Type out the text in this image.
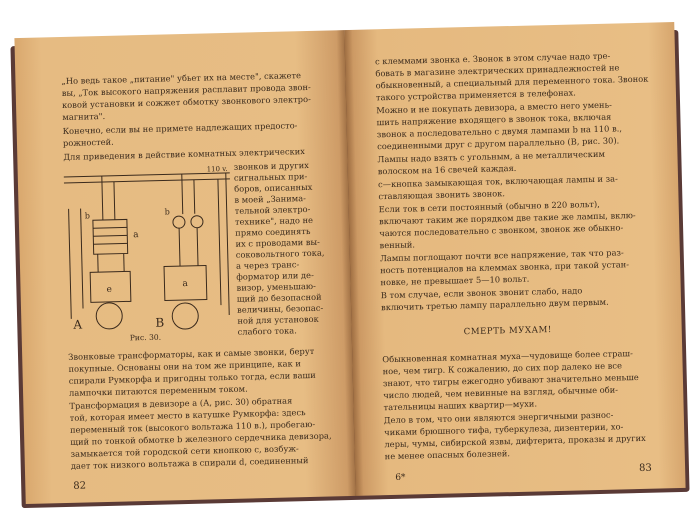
„Но ведь такое „питание" убьет их на месте", скажете
вы, „Ток высокого напряжения расплавит провода звон-
ковой установки и сожжет обмотку звонкового электро-
магнита".
Конечно, если вы не примете надлежащих предосто-
рожностей.
Для приведения в действие комнатных электрических
110 v.
b
a
e
A
a
b
B
звонков и других
сигнальных при-
боров, описанных
в моей „Занима-
тельной электро-
технике", надо не
прямо соединять
их с проводами вы-
соковольтного тока,
а через транс-
форматор или де-
визор, уменьшаю-
щий до безопасной
величины, безопас-
ной для установок
слабого тока.
Рис. 30.
Звонковые трансформаторы, как и самые звонки, берут
покупные. Основаны они на том же принципе, как и
спирали Румкорфа и пригодны только тогда, если ваши
лампочки питаются переменным током.
Трансформация в девизоре a (А, рис. 30) обратная
той, которая имеет место в катушке Румкорфа: здесь
переменный ток (высокого вольтажа 110 в.), пробегаю-
щий по тонкой обмотке b железного сердечника девизора,
замыкается той городской сети кнопкою c, возбуж-
дает ток низкого вольтажа в спирали d, соединенный
82
с клеммами звонка e. Звонок в этом случае надо тре-
бовать в магазине электрических принадлежностей не
обыкновенный, а специальный для переменного тока. Звонок
такого устройства применяется в телефонах.
Можно и не покупать девизора, а вместо него умень-
шить напряжение входящего в звонок тока, включая
звонок a последовательно с двумя лампами b на 110 в.,
соединенными друг с другом параллельно (В, рис. 30).
Лампы надо взять с угольным, а не металлическим
волоском на 16 свечей каждая.
c—кнопка замыкающая ток, включающая лампы и за-
ставляющая звонить звонок.
Если ток в сети постоянный (обычно в 220 вольт),
включают таким же порядком две такие же лампы, вклю-
чаются последовательно с звонком, звонок же обыкно-
венный.
Лампы поглощают почти все напряжение, так что раз-
ность потенциалов на клеммах звонка, при такой устан-
новке, не превышает 5—10 вольт.
В том случае, если звонок звонит слабо, надо
включить третью лампу параллельно двум первым.
СМЕРТЬ МУХАМ!
Обыкновенная комнатная муха—чудовище более страш-
ное, чем тигр. К сожалению, до сих пор далеко не все
знают, что тигры ежегодно убивают значительно меньше
число людей, чем невинные на взгляд, обычные оби-
тательницы наших квартир—мухи.
Дело в том, что они являются энергичными разнос-
чиками брюшного тифа, туберкулеза, дизентерии, хо-
леры, чумы, сибирской язвы, дифтерита, проказы и других
не менее опасных болезней.
6*
83
